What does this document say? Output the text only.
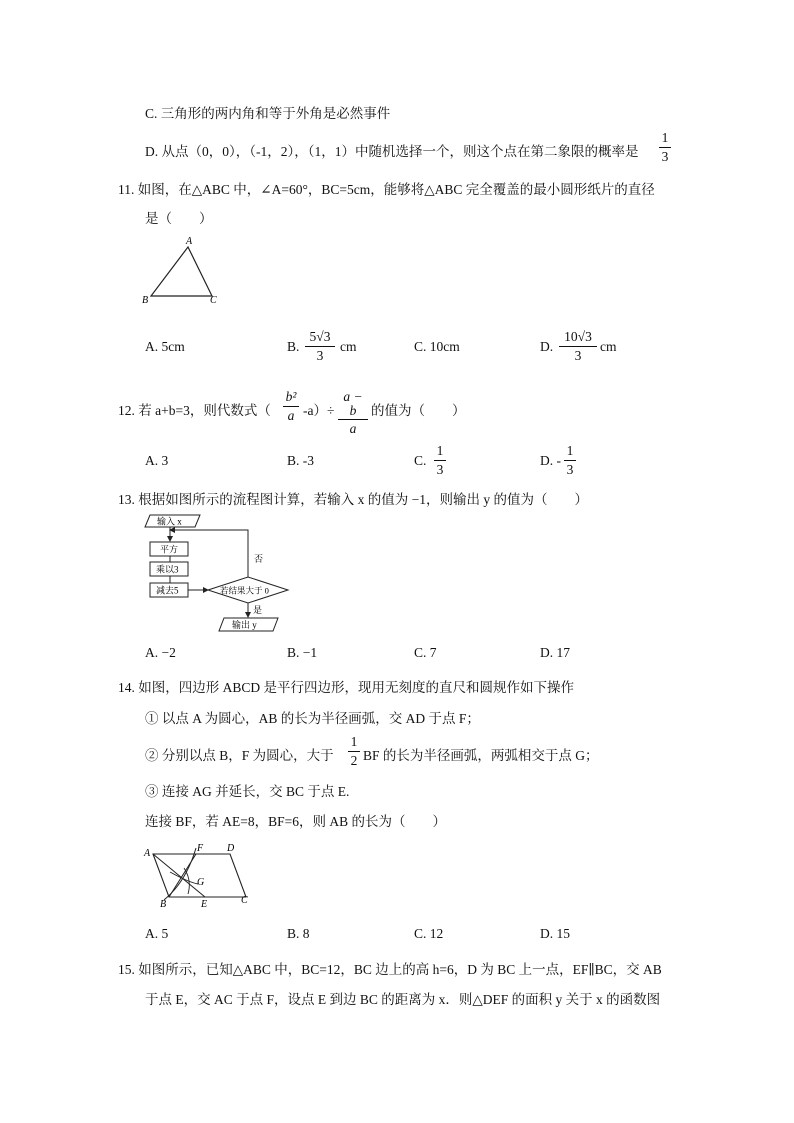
C. 三角形的两内角和等于外角是必然事件
D. 从点（0，0），（-1，2），（1，1）中随机选择一个，则这个点在第二象限的概率是 $\frac{1}{3}$
11. 如图，在△ABC 中，∠A=60°，BC=5cm，能够将△ABC 完全覆盖的最小圆形纸片的直径
是（　　）
A
B	C
A. 5cm	B. $\frac{5√3}{3}$ cm	C. 10cm	D. $\frac{10√3}{3}$ cm
12. 若 a+b=3，则代数式（ $\frac{\text{b²}}{a} -a)\div \frac{a - b}{a}$ 的值为（　　）
A. 3	B. -3	C. $\frac{1}{3}$	D. - $\frac{1}{3}$
13. 根据如图所示的流程图计算，若输入 x 的值为 −1，则输出 y 的值为（　　）
输入 x
平方
乘以3
减去5	若结果大于 0
否
是
输出 y
A. −2	B. −1	C. 7	D. 17
14. 如图，四边形 ABCD 是平行四边形，现用无刻度的直尺和圆规作如下操作
① 以点 A 为圆心，AB 的长为半径画弧，交 AD 于点 F；
② 分别以点 B，F 为圆心，大于 $\frac{1}{2}$ BF 的长为半径画弧，两弧相交于点 G；
③ 连接 AG 并延长，交 BC 于点 E.
连接 BF，若 AE=8，BF=6，则 AB 的长为（　　）
A	F D
G
B	E	C
A. 5	B. 8	C. 12	D. 15
15. 如图所示，已知△ABC 中，BC=12，BC 边上的高 h=6，D 为 BC 上一点，EF∥BC，交 AB
于点 E，交 AC 于点 F，设点 E 到边 BC 的距离为 x．则△DEF 的面积 y 关于 x 的函数图
